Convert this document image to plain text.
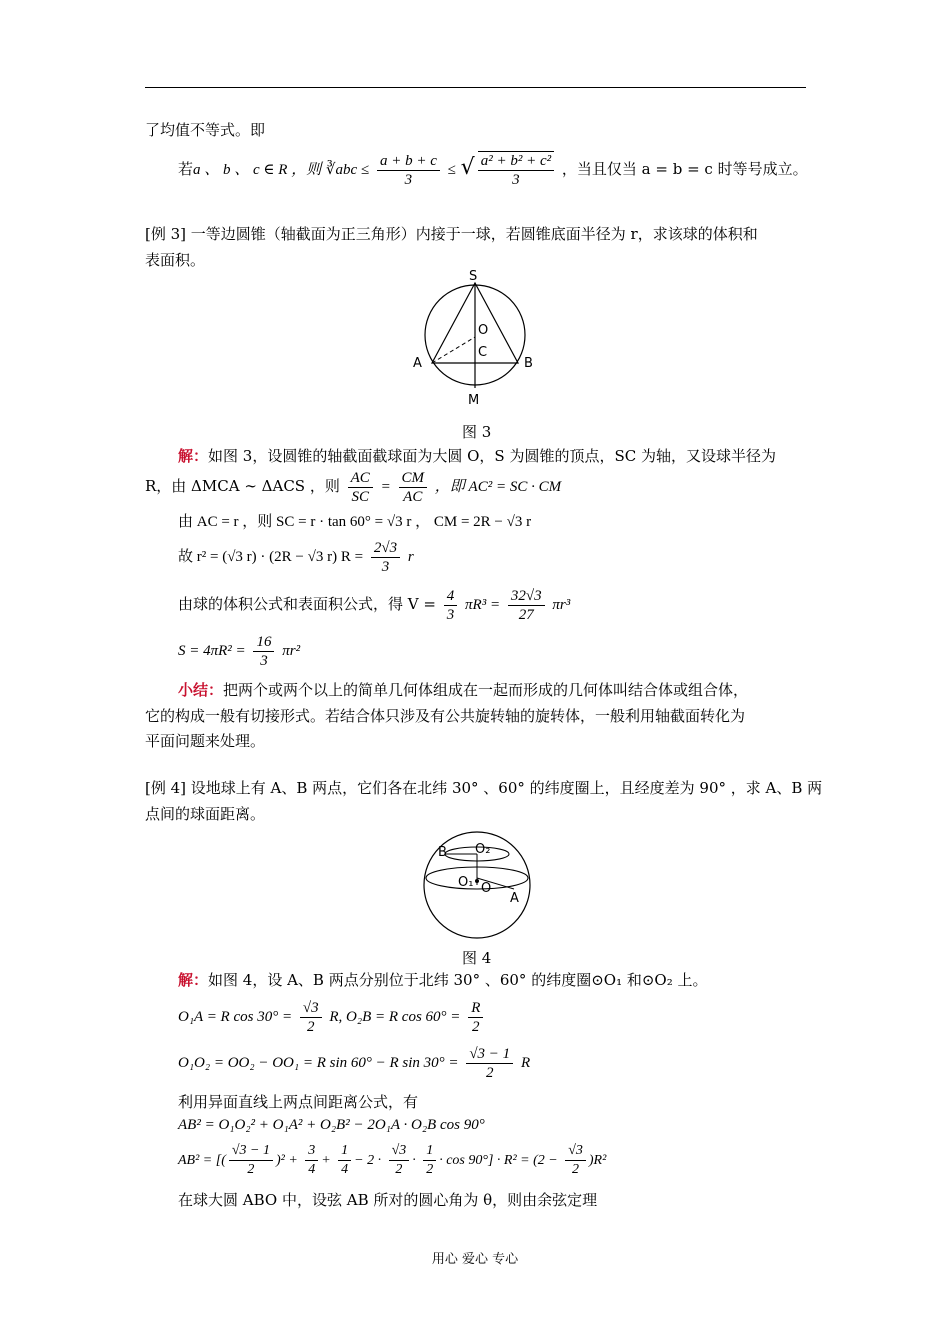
了均值不等式。即
若a 、 b 、 c ∈ R ，则 ∛abc ≤ $\frac{a + b + c}{3}$ ≤ √ $\frac{\text{a² + b² + c²}}{3}$ ，当且仅当 a = b = c 时等号成立。
[例 3] 一等边圆锥（轴截面为正三角形）内接于一球，若圆锥底面半径为 r，求该球的体积和
表面积。
S
O
C
A	B
M
图 3
解：如图 3，设圆锥的轴截面截球面为大圆 O，S 为圆锥的顶点，SC 为轴，又设球半径为
R，由 ΔMCA ∼ ΔACS ，则 $\frac{AC}{SC} = \frac{CM}{AC}$ ，即 AC² = SC · CM
由 AC = r ，则 SC = r · tan 60° = √3 r ， CM = 2R − √3 r
故 r² = (√3 r) · (2R − √3 r) $R = \frac{2√3}{3}$ r
由球的体积公式和表面积公式，得 $V = \frac{4}{3} \pi R^3 = \frac{32√3}{27} \pi r^3$
$S = 4\pi R^2 = \frac{16}{3} \pi r^2$
小结：把两个或两个以上的简单几何体组成在一起而形成的几何体叫结合体或组合体，
它的构成一般有切接形式。若结合体只涉及有公共旋转轴的旋转体，一般利用轴截面转化为
平面问题来处理。
[例 4] 设地球上有 A、B 两点，它们各在北纬 30° 、60° 的纬度圈上，且经度差为 90° ，求 A、B 两
点间的球面距离。
B O₂
O₁ O
A
图 4
解：如图 4，设 A、B 两点分别位于北纬 30° 、60° 的纬度圈⊙O₁ 和⊙O₂ 上。
O₁A = R $\cos 30^\circ = \frac{√3}{2} R$, O₂B = R $\cos 60^\circ = \frac{R}{2}$
O₁O₂ = OO₂ − OO₁ = R sin 60° − R $\sin 30^\circ = \frac{√3 - 1}{2}$ R
利用异面直线上两点间距离公式，有
AB² = O₁O₂² + O₁A² + O₂B² − 2O₁A · O₂B cos 90°
AB² = [( $\frac{√3 - 1}{2} )^2 + \frac{3}{4} + \frac{1}{4} - 2 \cdot \frac{√3}{2} \cdot \frac{1}{2} \cdot \cos 90^\circ] \cdot R^2 = (2 - \frac{√3}{2} )R^2$
在球大圆 ABO 中，设弦 AB 所对的圆心角为 θ，则由余弦定理
用心 爱心 专心
